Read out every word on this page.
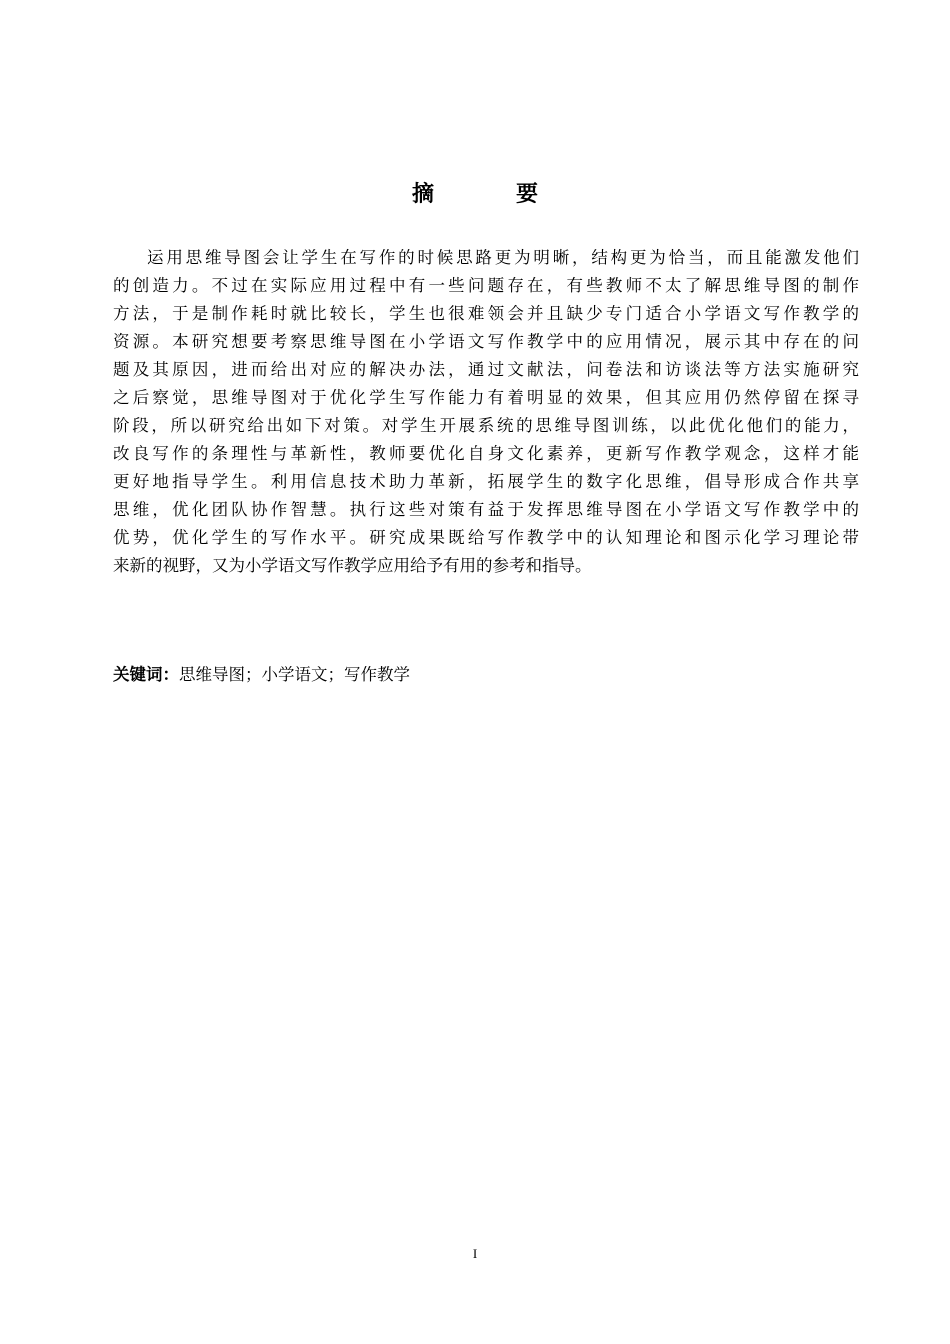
摘　要
运用思维导图会让学生在写作的时候思路更为明晰，结构更为恰当，而且能激发他们
的创造力。不过在实际应用过程中有一些问题存在，有些教师不太了解思维导图的制作
方法，于是制作耗时就比较长，学生也很难领会并且缺少专门适合小学语文写作教学的
资源。本研究想要考察思维导图在小学语文写作教学中的应用情况，展示其中存在的问
题及其原因，进而给出对应的解决办法，通过文献法，问卷法和访谈法等方法实施研究
之后察觉，思维导图对于优化学生写作能力有着明显的效果，但其应用仍然停留在探寻
阶段，所以研究给出如下对策。对学生开展系统的思维导图训练，以此优化他们的能力，
改良写作的条理性与革新性，教师要优化自身文化素养，更新写作教学观念，这样才能
更好地指导学生。利用信息技术助力革新，拓展学生的数字化思维，倡导形成合作共享
思维，优化团队协作智慧。执行这些对策有益于发挥思维导图在小学语文写作教学中的
优势，优化学生的写作水平。研究成果既给写作教学中的认知理论和图示化学习理论带
来新的视野，又为小学语文写作教学应用给予有用的参考和指导。
关键词：思维导图；小学语文；写作教学
I
